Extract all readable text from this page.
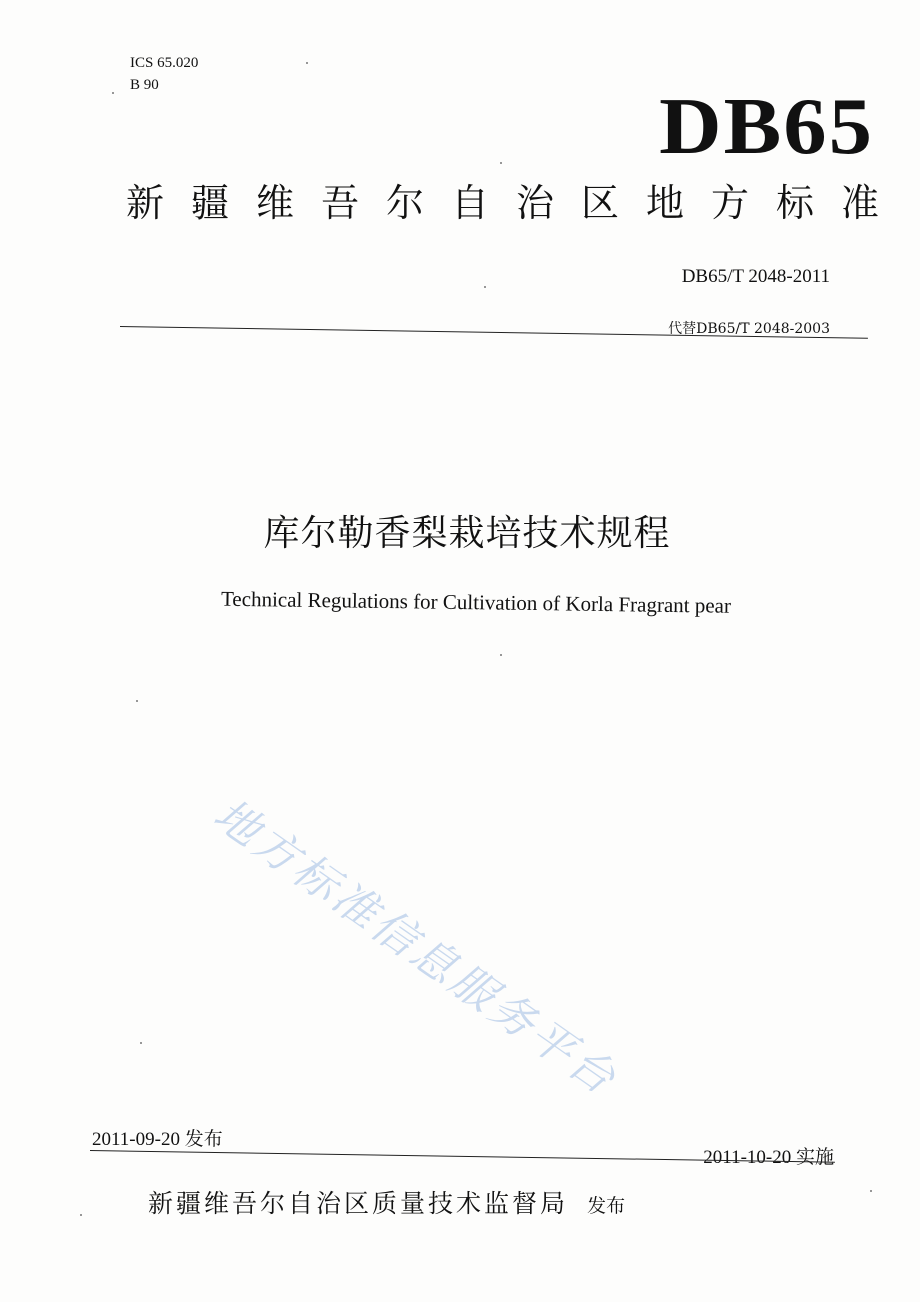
ICS 65.020
B 90	DB65
新疆维吾尔自治区地方标准
DB65/T 2048-2011
代替DB65/T 2048-2003
库尔勒香梨栽培技术规程
Technical Regulations for Cultivation of Korla Fragrant pear
地方标准信息服务平台
2011-09-20 发布
2011-10-20 实施
新疆维吾尔自治区质量技术监督局 发布
